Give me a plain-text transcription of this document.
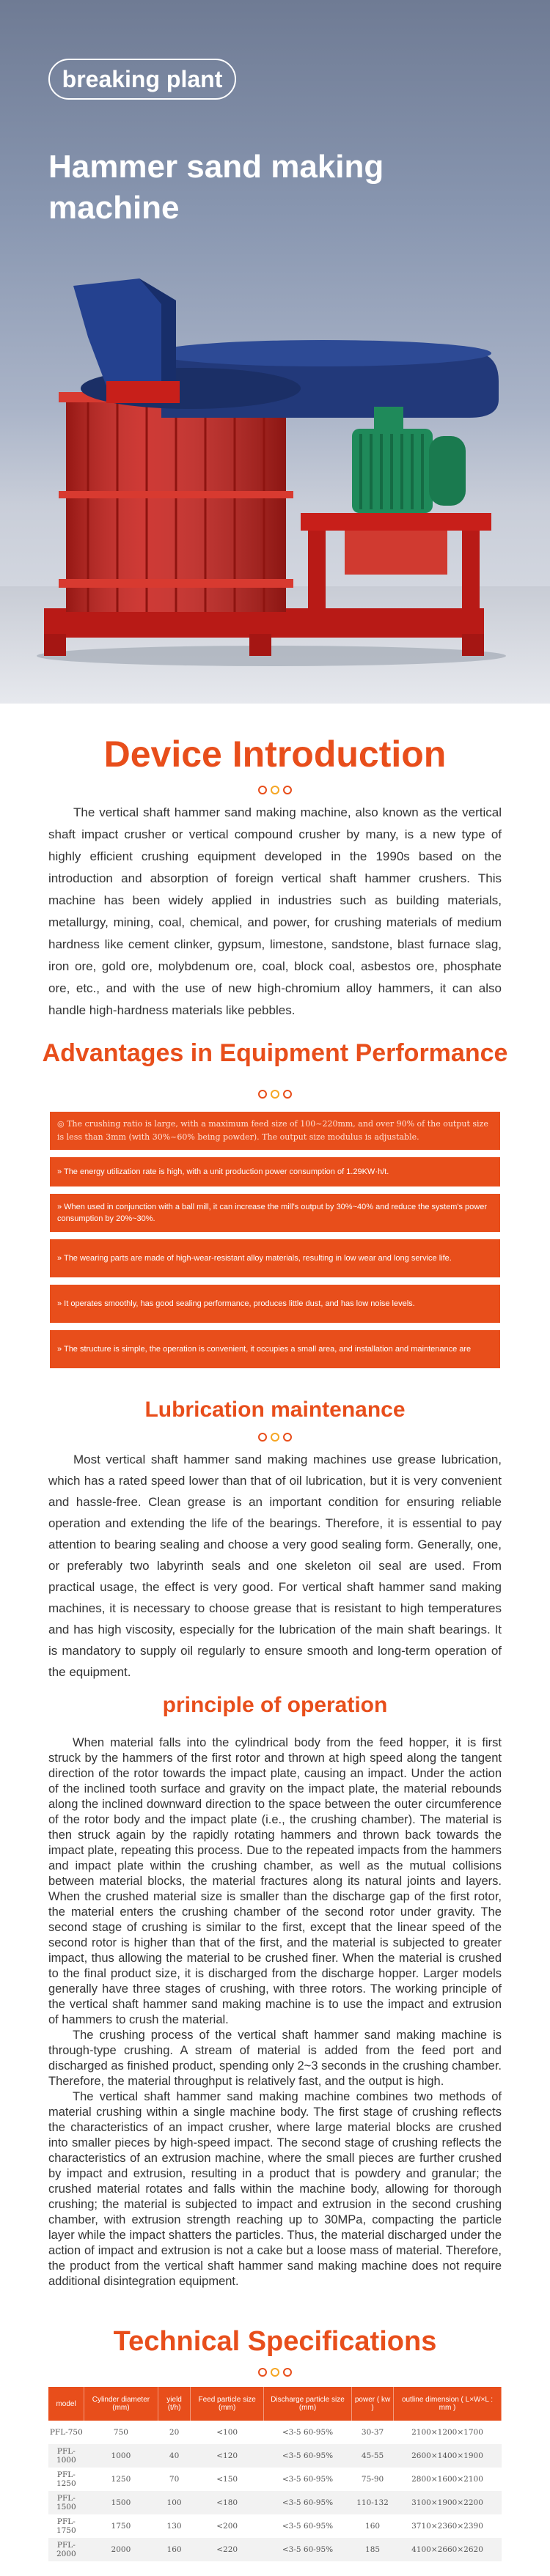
breaking plant
Hammer sand making machine
Device Introduction

The vertical shaft hammer sand making machine, also known as the vertical shaft impact crusher or vertical compound crusher by many, is a new type of highly efficient crushing equipment developed in the 1990s based on the introduction and absorption of foreign vertical shaft hammer crushers. This machine has been widely applied in industries such as building materials, metallurgy, mining, coal, chemical, and power, for crushing materials of medium hardness like cement clinker, gypsum, limestone, sandstone, blast furnace slag, iron ore, gold ore, molybdenum ore, coal, block coal, asbestos ore, phosphate ore, etc., and with the use of new high-chromium alloy hammers, it can also handle high-hardness materials like pebbles.

Advantages in Equipment Performance
◎ The crushing ratio is large, with a maximum feed size of 100~220mm, and over 90% of the output size is less than 3mm (with 30%~60% being powder). The output size modulus is adjustable.
» The energy utilization rate is high, with a unit production power consumption of 1.29KW·h/t.
» When used in conjunction with a ball mill, it can increase the mill's output by 30%~40% and reduce the system's power consumption by 20%~30%.
» The wearing parts are made of high-wear-resistant alloy materials, resulting in low wear and long service life.
» It operates smoothly, has good sealing performance, produces little dust, and has low noise levels.
» The structure is simple, the operation is convenient, it occupies a small area, and installation and maintenance are
Lubrication maintenance

Most vertical shaft hammer sand making machines use grease lubrication, which has a rated speed lower than that of oil lubrication, but it is very convenient and hassle-free. Clean grease is an important condition for ensuring reliable operation and extending the life of the bearings. Therefore, it is essential to pay attention to bearing sealing and choose a very good sealing form. Generally, one, or preferably two labyrinth seals and one skeleton oil seal are used. From practical usage, the effect is very good. For vertical shaft hammer sand making machines, it is necessary to choose grease that is resistant to high temperatures and has high viscosity, especially for the lubrication of the main shaft bearings. It is mandatory to supply oil regularly to ensure smooth and long-term operation of the equipment.

principle of operation

When material falls into the cylindrical body from the feed hopper, it is first struck by the hammers of the first rotor and thrown at high speed along the tangent direction of the rotor towards the impact plate, causing an impact. Under the action of the inclined tooth surface and gravity on the impact plate, the material rebounds along the inclined downward direction to the space between the outer circumference of the rotor body and the impact plate (i.e., the crushing chamber). The material is then struck again by the rapidly rotating hammers and thrown back towards the impact plate, repeating this process. Due to the repeated impacts from the hammers and impact plate within the crushing chamber, as well as the mutual collisions between material blocks, the material fractures along its natural joints and layers. When the crushed material size is smaller than the discharge gap of the first rotor, the material enters the crushing chamber of the second rotor under gravity. The second stage of crushing is similar to the first, except that the linear speed of the second rotor is higher than that of the first, and the material is subjected to greater impact, thus allowing the material to be crushed finer. When the material is crushed to the final product size, it is discharged from the discharge hopper. Larger models generally have three stages of crushing, with three rotors. The working principle of the vertical shaft hammer sand making machine is to use the impact and extrusion of hammers to crush the material.

The crushing process of the vertical shaft hammer sand making machine is through-type crushing. A stream of material is added from the feed port and discharged as finished product, spending only 2~3 seconds in the crushing chamber. Therefore, the material throughput is relatively fast, and the output is high.

The vertical shaft hammer sand making machine combines two methods of material crushing within a single machine body. The first stage of crushing reflects the characteristics of an impact crusher, where large material blocks are crushed into smaller pieces by high-speed impact. The second stage of crushing reflects the characteristics of an extrusion machine, where the small pieces are further crushed by impact and extrusion, resulting in a product that is powdery and granular; the crushed material rotates and falls within the machine body, allowing for thorough crushing; the material is subjected to impact and extrusion in the second crushing chamber, with extrusion strength reaching up to 30MPa, compacting the particle layer while the impact shatters the particles. Thus, the material discharged under the action of impact and extrusion is not a cake but a loose mass of material. Therefore, the product from the vertical shaft hammer sand making machine does not require additional disintegration equipment.

Technical Specifications
model	Cylinder diameter (mm)	yield (t/h)	Feed particle size (mm)	Discharge particle size (mm)	power ( kw )	outline dimension ( L×W×L : mm )
PFL-750	750	20	<100	<3-5 60-95%	30-37	2100×1200×1700
PFL-1000	1000	40	<120	<3-5 60-95%	45-55	2600×1400×1900
PFL-1250	1250	70	<150	<3-5 60-95%	75-90	2800×1600×2100
PFL-1500	1500	100	<180	<3-5 60-95%	110-132	3100×1900×2200
PFL-1750	1750	130	<200	<3-5 60-95%	160	3710×2360×2390
PFL-2000	2000	160	<220	<3-5 60-95%	185	4100×2660×2620
